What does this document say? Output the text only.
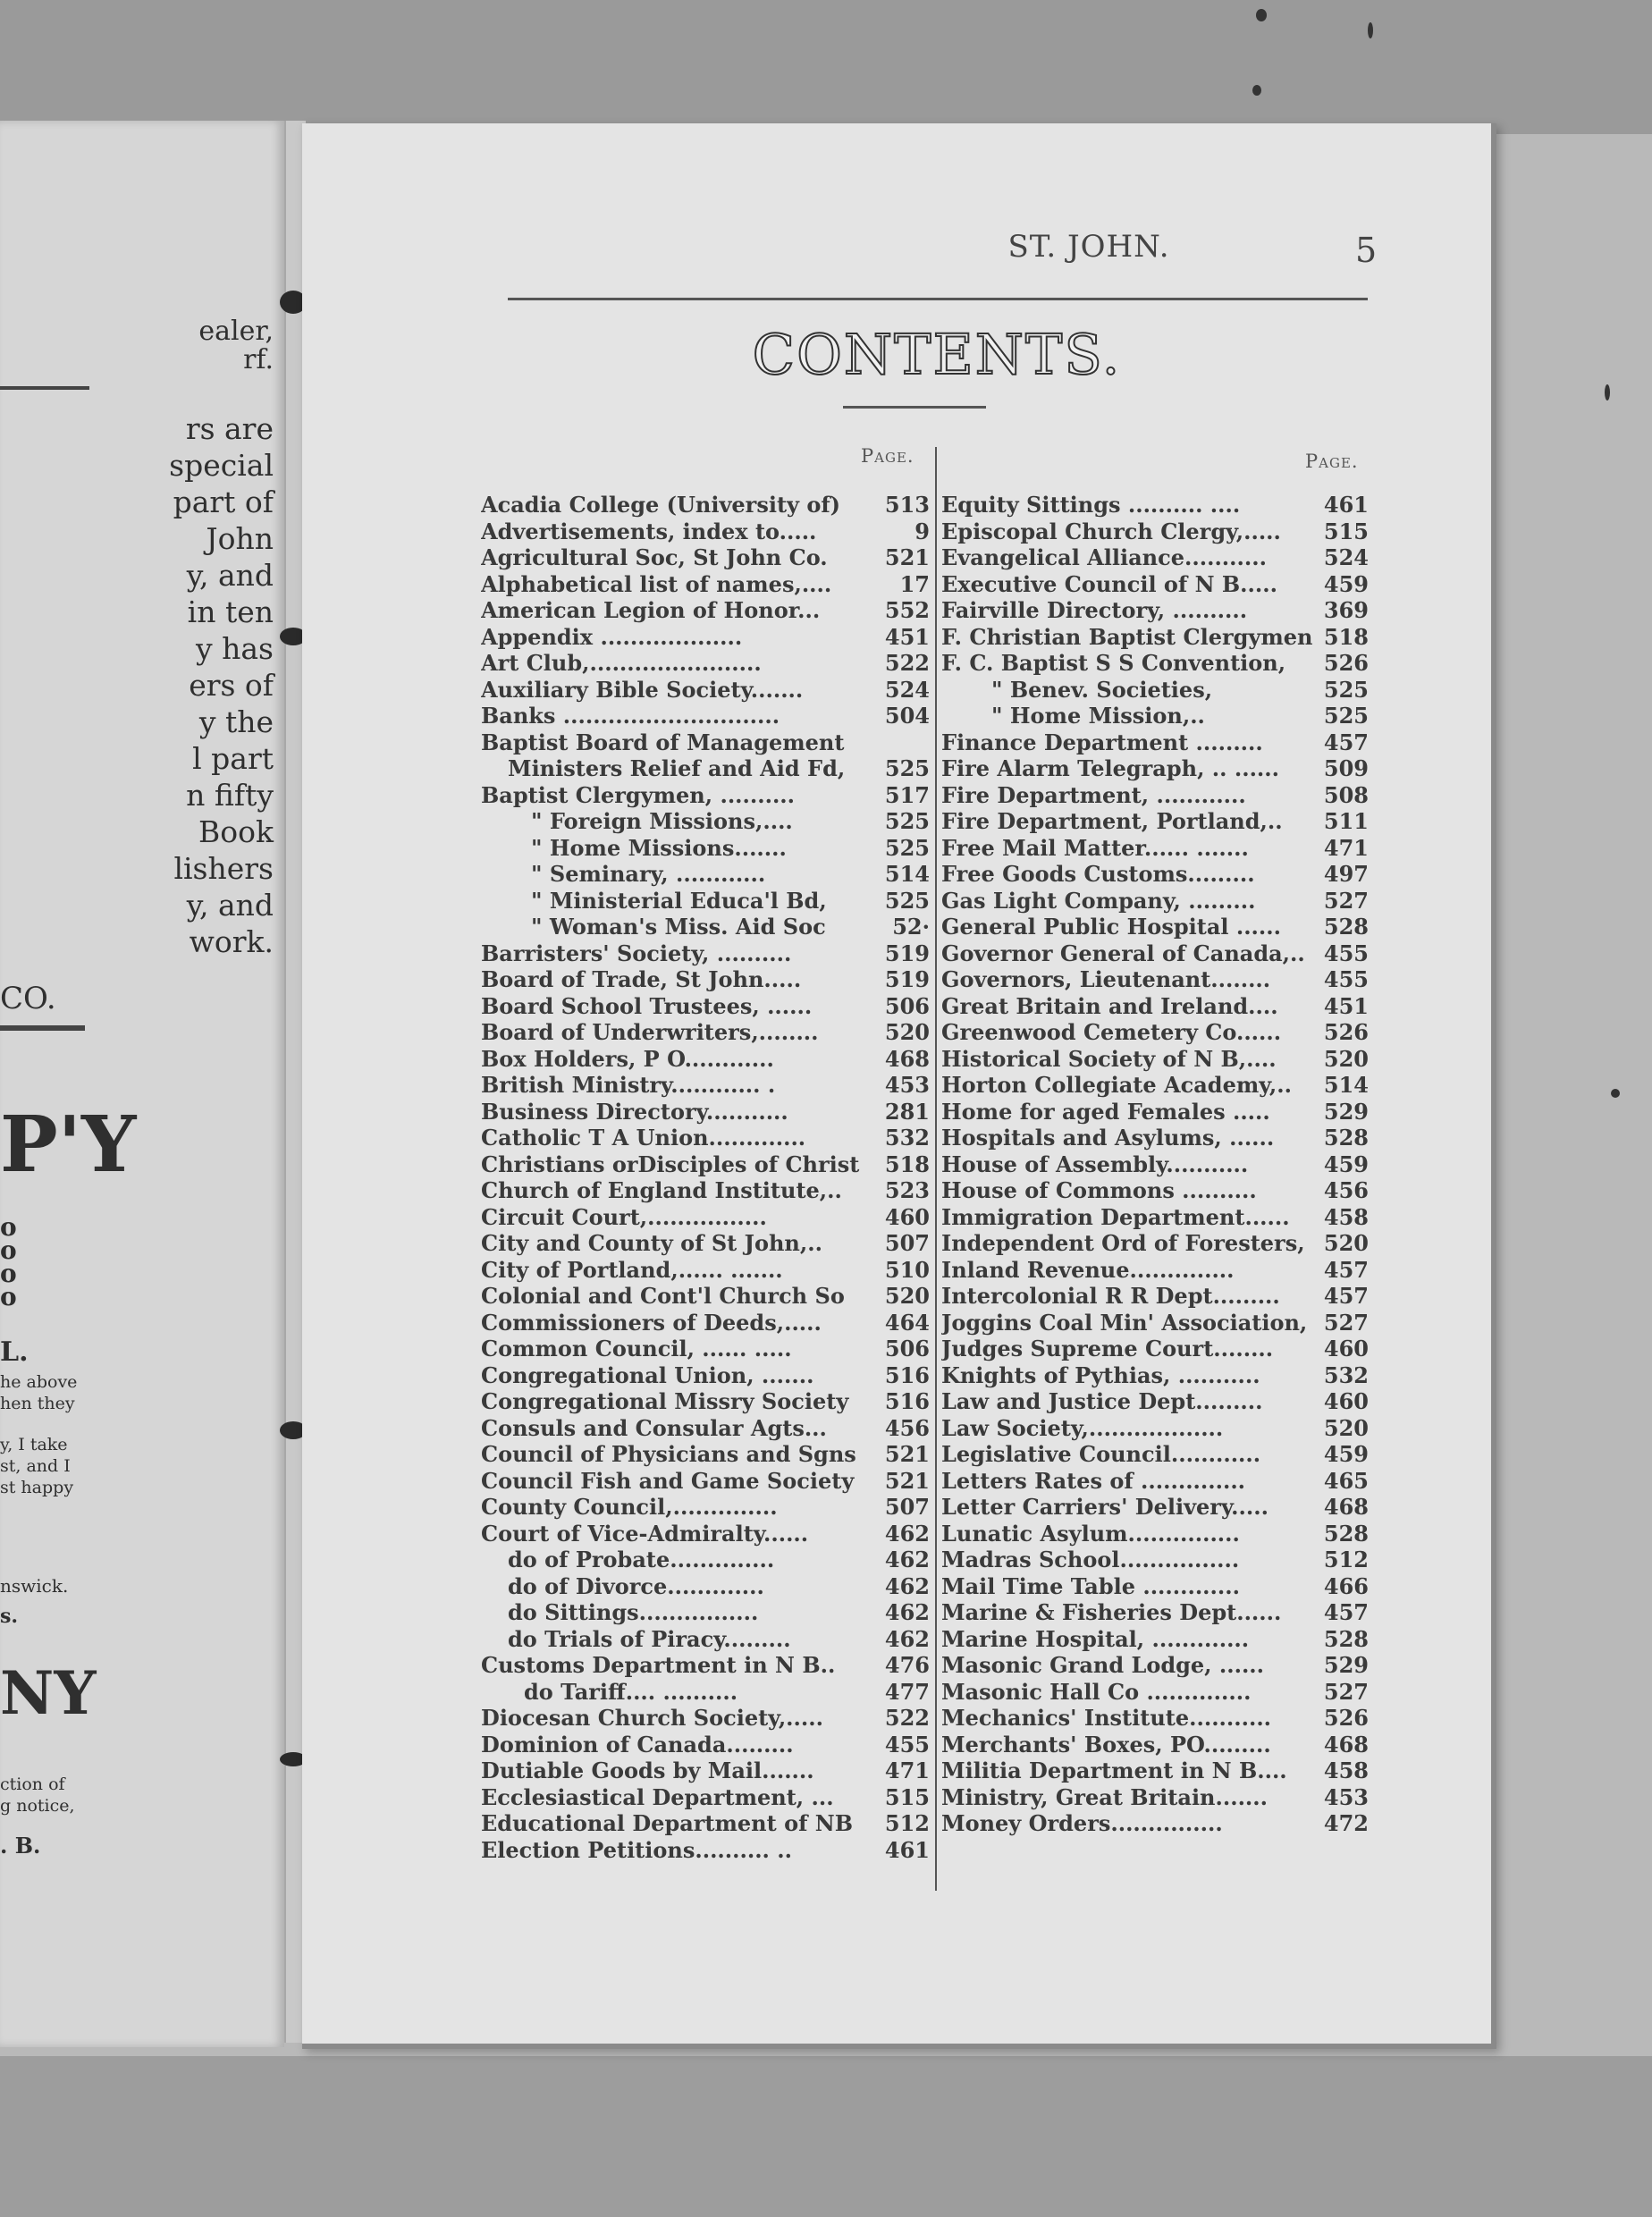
ealer,
rf.
rs are
special
part of
John
y, and
in ten
y has
ers of
y the
l part
n fifty
Book
lishers
y, and
work.
CO.
P'Y
o
o
o
o
L.
he above
hen they
y, I take
st, and I
st happy
nswick.
s.
NY
ction of
g notice,
. B.
ST. JOHN.	5
CONTENTS.
Page.	Page.
Acadia College (University of) 513
Advertisements, index to.....	9
Agricultural Soc, St John Co.	521
Alphabetical list of names,....	17
American Legion of Honor...	552
Appendix ...................	451
Art Club,.......................	522
Auxiliary Bible Society.......	524
Banks .............................	504
Baptist Board of Management
Ministers Relief and Aid Fd, 525
Baptist Clergymen, ..........	517
" Foreign Missions,....	525
" Home Missions.......	525
" Seminary, ............	514
" Ministerial Educa'l Bd,	525
" Woman's Miss. Aid Soc	52·
Barristers' Society, ..........	519
Board of Trade, St John.....	519
Board School Trustees, ......	506
Board of Underwriters,........	520
Box Holders, P O............	468
British Ministry............ .	453
Business Directory...........	281
Catholic T A Union.............	532
Christians orDisciples of Christ 518
Church of England Institute,.. 523
Circuit Court,................	460
City and County of St John,..	507
City of Portland,...... .......	510
Colonial and Cont'l Church So 520
Commissioners of Deeds,.....	464
Common Council, ...... .....	506
Congregational Union, .......	516
Congregational Missry Society 516
Consuls and Consular Agts...	456
Council of Physicians and Sgns 521
Council Fish and Game Society 521
County Council,..............	507
Court of Vice-Admiralty......	462
do of Probate..............	462
do of Divorce.............	462
do Sittings................	462
do Trials of Piracy.........	462
Customs Department in N B.. 476
do Tariff.... ..........	477
Diocesan Church Society,.....	522
Dominion of Canada.........	455
Dutiable Goods by Mail.......	471
Ecclesiastical Department, ... 515
Educational Department of NB 512
Election Petitions.......... ..	461
Equity Sittings .......... ....	461
Episcopal Church Clergy,..... 515
Evangelical Alliance...........	524
Executive Council of N B..... 459
Fairville Directory, ..........	369
F. Christian Baptist Clergymen 518
F. C. Baptist S S Convention, 526
" Benev. Societies,	525
" Home Mission,..	525
Finance Department .........	457
Fire Alarm Telegraph, .. ...... 509
Fire Department, ............	508
Fire Department, Portland,.. 511
Free Mail Matter...... .......	471
Free Goods Customs.........	497
Gas Light Company, .........	527
General Public Hospital ...... 528
Governor General of Canada,.. 455
Governors, Lieutenant........ 455
Great Britain and Ireland.... 451
Greenwood Cemetery Co...... 526
Historical Society of N B,.... 520
Horton Collegiate Academy,.. 514
Home for aged Females .....	529
Hospitals and Asylums, ...... 528
House of Assembly...........	459
House of Commons ..........	456
Immigration Department...... 458
Independent Ord of Foresters, 520
Inland Revenue..............	457
Intercolonial R R Dept......... 457
Joggins Coal Min' Association, 527
Judges Supreme Court........ 460
Knights of Pythias, ...........	532
Law and Justice Dept.........	460
Law Society,..................	520
Legislative Council............	459
Letters Rates of ..............	465
Letter Carriers' Delivery.....	468
Lunatic Asylum...............	528
Madras School................	512
Mail Time Table .............	466
Marine & Fisheries Dept...... 457
Marine Hospital, .............	528
Masonic Grand Lodge, ......	529
Masonic Hall Co ..............	527
Mechanics' Institute........... 526
Merchants' Boxes, PO......... 468
Militia Department in N B.... 458
Ministry, Great Britain.......	453
Money Orders...............	472
